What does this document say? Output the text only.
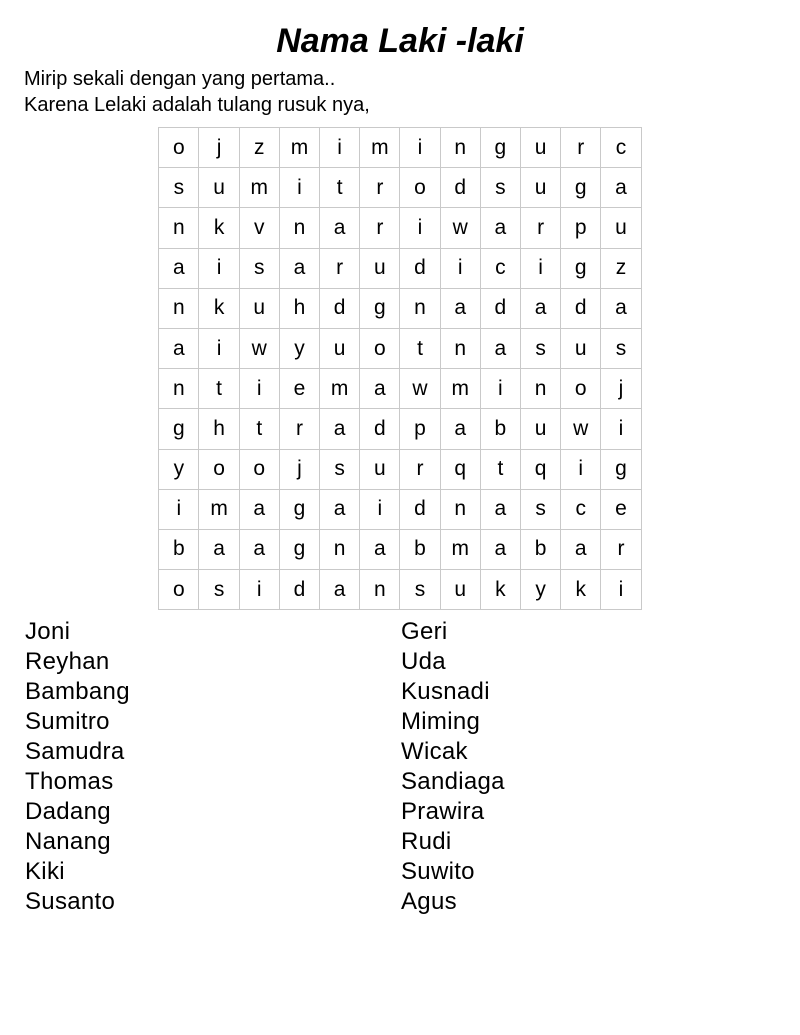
Nama Laki -laki
Mirip sekali dengan yang pertama..
Karena Lelaki adalah tulang rusuk nya,
o	j	z	m	i	m	i	n	g	u	r	c
s	u	m	i	t	r	o	d	s	u	g	a
n	k	v	n	a	r	i	w	a	r	p	u
a	i	s	a	r	u	d	i	c	i	g	z
n	k	u	h	d	g	n	a	d	a	d	a
a	i	w	y	u	o	t	n	a	s	u	s
n	t	i	e	m	a	w	m	i	n	o	j
g	h	t	r	a	d	p	a	b	u	w	i
y	o	o	j	s	u	r	q	t	q	i	g
i	m	a	g	a	i	d	n	a	s	c	e
b	a	a	g	n	a	b	m	a	b	a	r
o	s	i	d	a	n	s	u	k	y	k	i
Joni
Reyhan
Bambang
Sumitro
Samudra
Thomas
Dadang
Nanang
Kiki
Susanto
Geri
Uda
Kusnadi
Miming
Wicak
Sandiaga
Prawira
Rudi
Suwito
Agus
